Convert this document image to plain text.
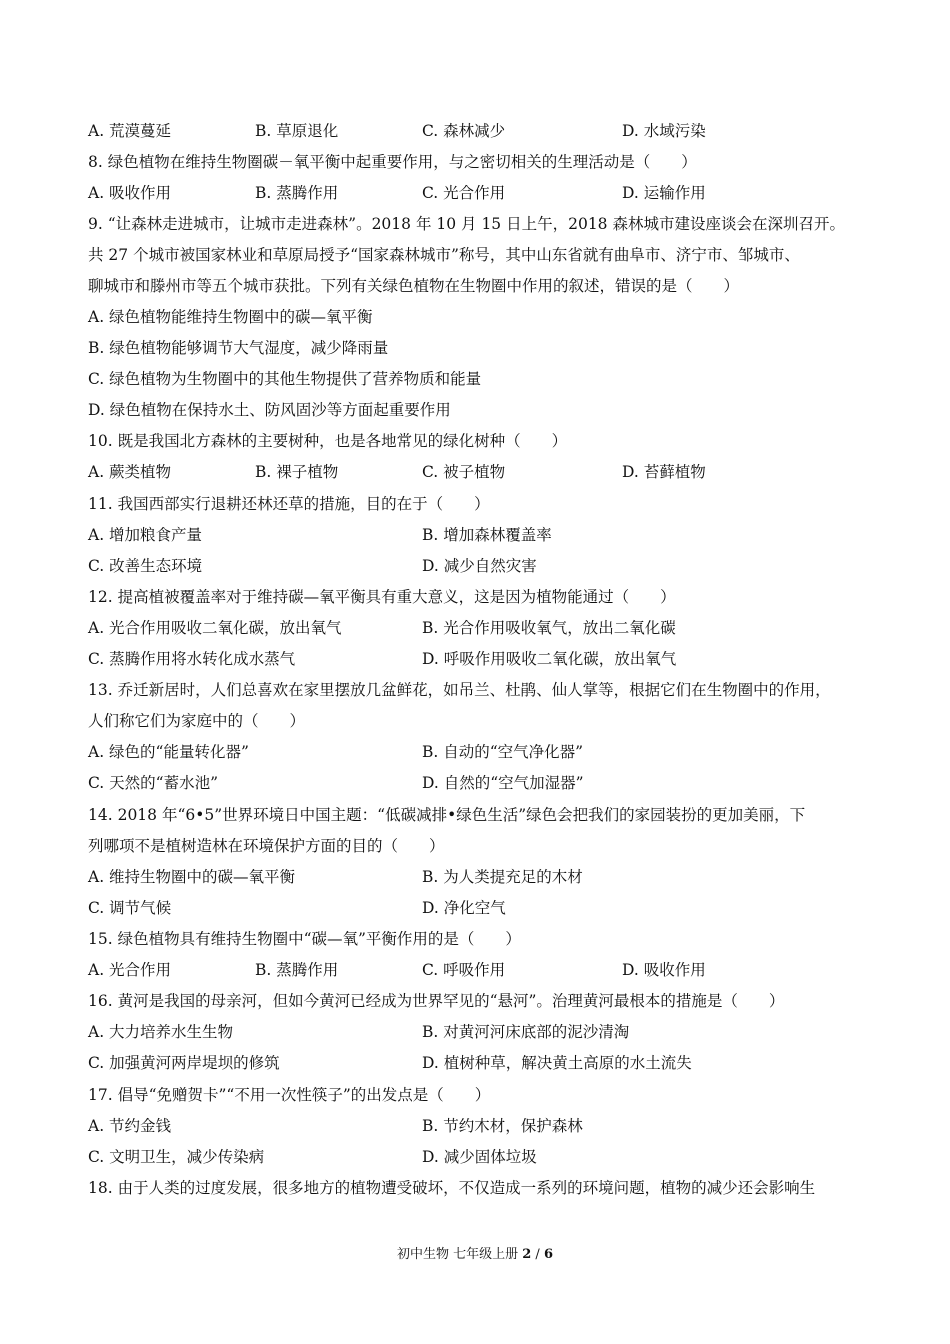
A. 荒漠蔓延	B. 草原退化	C. 森林减少	D. 水域污染
8. 绿色植物在维持生物圈碳－氧平衡中起重要作用，与之密切相关的生理活动是（　　）
A. 吸收作用	B. 蒸腾作用	C. 光合作用	D. 运输作用
9. “让森林走进城市，让城市走进森林”。2018 年 10 月 15 日上午，2018 森林城市建设座谈会在深圳召开。
共 27 个城市被国家林业和草原局授予“国家森林城市”称号，其中山东省就有曲阜市、济宁市、邹城市、
聊城市和滕州市等五个城市获批。下列有关绿色植物在生物圈中作用的叙述，错误的是（　　）
A. 绿色植物能维持生物圈中的碳—氧平衡
B. 绿色植物能够调节大气湿度，减少降雨量
C. 绿色植物为生物圈中的其他生物提供了营养物质和能量
D. 绿色植物在保持水土、防风固沙等方面起重要作用
10. 既是我国北方森林的主要树种，也是各地常见的绿化树种（　　）
A. 蕨类植物	B. 裸子植物	C. 被子植物	D. 苔藓植物
11. 我国西部实行退耕还林还草的措施，目的在于（　　）
A. 增加粮食产量	B. 增加森林覆盖率
C. 改善生态环境	D. 减少自然灾害
12. 提高植被覆盖率对于维持碳—氧平衡具有重大意义，这是因为植物能通过（　　）
A. 光合作用吸收二氧化碳，放出氧气	B. 光合作用吸收氧气，放出二氧化碳
C. 蒸腾作用将水转化成水蒸气	D. 呼吸作用吸收二氧化碳，放出氧气
13. 乔迁新居时，人们总喜欢在家里摆放几盆鲜花，如吊兰、杜鹃、仙人掌等，根据它们在生物圈中的作用，
人们称它们为家庭中的（　　）
A. 绿色的“能量转化器”	B. 自动的“空气净化器”
C. 天然的“蓄水池”	D. 自然的“空气加湿器”
14. 2018 年“6•5”世界环境日中国主题：“低碳减排•绿色生活”绿色会把我们的家园装扮的更加美丽，下
列哪项不是植树造林在环境保护方面的目的（　　）
A. 维持生物圈中的碳—氧平衡	B. 为人类提充足的木材
C. 调节气候	D. 净化空气
15. 绿色植物具有维持生物圈中“碳—氧”平衡作用的是（　　）
A. 光合作用	B. 蒸腾作用	C. 呼吸作用	D. 吸收作用
16. 黄河是我国的母亲河，但如今黄河已经成为世界罕见的“悬河”。治理黄河最根本的措施是（　　）
A. 大力培养水生生物	B. 对黄河河床底部的泥沙清淘
C. 加强黄河两岸堤坝的修筑	D. 植树种草，解决黄土高原的水土流失
17. 倡导“免赠贺卡”“不用一次性筷子”的出发点是（　　）
A. 节约金钱	B. 节约木材，保护森林
C. 文明卫生，减少传染病	D. 减少固体垃圾
18. 由于人类的过度发展，很多地方的植物遭受破坏，不仅造成一系列的环境问题，植物的减少还会影响生
初中生物 七年级上册 2 / 6
